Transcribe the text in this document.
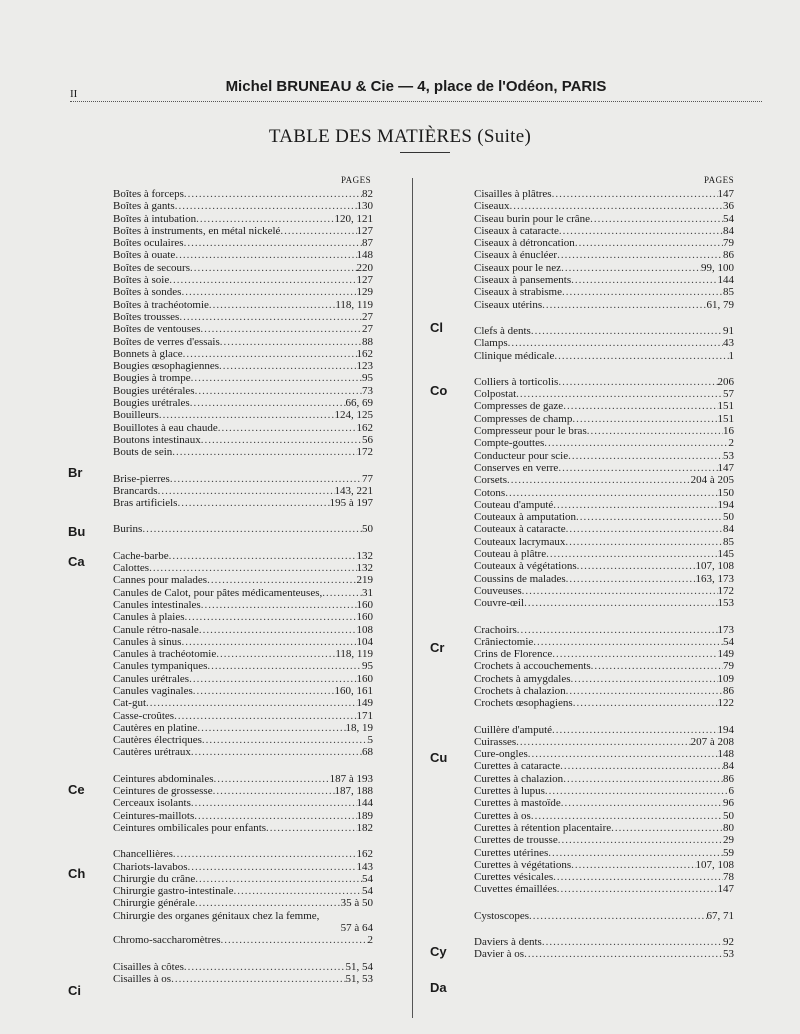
II	Michel BRUNEAU & Cie — 4, place de l'Odéon, PARIS
TABLE DES MATIÈRES (Suite)
PAGES	PAGES
Br
Bu
Ca
Ce
Ch
Ci
Cl
Co
Cr
Cu
Cy
Da
Boîtes à forceps .....	82
Boîtes à gants .....	130
Boîtes à intubation .....	120, 121
Boîtes à instruments, en métal nickelé .....	127
Boîtes oculaires .....	87
Boîtes à ouate .....	148
Boîtes de secours .....	220
Boîtes à soie .....	127
Boîtes à sondes .....	129
Boîtes à trachéotomie .....	118, 119
Boîtes trousses .....	27
Boîtes de ventouses .....	27
Boîtes de verres d'essais .....	88
Bonnets à glace .....	162
Bougies œsophagiennes .....	123
Bougies à trompe .....	95
Bougies urétérales .....	73
Bougies urétrales .....	66, 69
Bouilleurs .....	124, 125
Bouillotes à eau chaude .....	162
Boutons intestinaux .....	56
Bouts de sein .....	172
Brise-pierres .....	77
Brancards .....	143, 221
Bras artificiels .....	195 à 197
Burins .....	50
Cache-barbe .....	132
Calottes .....	132
Cannes pour malades .....	219
Canules de Calot, pour pâtes médicamenteuses, .....	31
Canules intestinales .....	160
Canules à plaies .....	160
Canule rétro-nasale .....	108
Canules à sinus .....	104
Canules à trachéotomie .....	118, 119
Canules tympaniques .....	95
Canules urétrales .....	160
Canules vaginales .....	160, 161
Cat-gut .....	149
Casse-croûtes .....	171
Cautères en platine .....	18, 19
Cautères électriques .....	5
Cautères urétraux .....	68
Ceintures abdominales .....	187 à 193
Ceintures de grossesse .....	187, 188
Cerceaux isolants .....	144
Ceintures-maillots .....	189
Ceintures ombilicales pour enfants .....	182
Chancellières .....	162
Chariots-lavabos .....	143
Chirurgie du crâne .....	54
Chirurgie gastro-intestinale .....	54
Chirurgie générale .....	35 à 50
Chirurgie des organes génitaux chez la femme,
57 à 64
Chromo-saccharomètres .....	2
Cisailles à côtes .....	51, 54
Cisailles à os .....	51, 53
Cisailles à plâtres .....	147
Ciseaux .....	36
Ciseau burin pour le crâne .....	54
Ciseaux à cataracte .....	84
Ciseaux à détroncation .....	79
Ciseaux à énucléer .....	86
Ciseaux pour le nez .....	99, 100
Ciseaux à pansements .....	144
Ciseaux à strabisme .....	85
Ciseaux utérins .....	61, 79
Clefs à dents .....	91
Clamps .....	43
Clinique médicale .....	1
Colliers à torticolis .....	206
Colpostat .....	57
Compresses de gaze .....	151
Compresses de champ .....	151
Compresseur pour le bras .....	16
Compte-gouttes .....	2
Conducteur pour scie .....	53
Conserves en verre .....	147
Corsets .....	204 à 205
Cotons .....	150
Couteau d'amputé .....	194
Couteaux à amputation .....	50
Couteaux à cataracte .....	84
Couteaux lacrymaux .....	85
Couteau à plâtre .....	145
Couteaux à végétations .....	107, 108
Coussins de malades .....	163, 173
Couveuses .....	172
Couvre-œil .....	153
Crachoirs .....	173
Crâniectomie .....	54
Crins de Florence .....	149
Crochets à accouchements .....	79
Crochets à amygdales .....	109
Crochets à chalazion .....	86
Crochets œsophagiens .....	122
Cuillère d'amputé .....	194
Cuirasses .....	207 à 208
Cure-ongles .....	148
Curettes à cataracte .....	84
Curettes à chalazion .....	86
Curettes à lupus .....	6
Curettes à mastoïde .....	96
Curettes à os .....	50
Curettes à rétention placentaire .....	80
Curettes de trousse .....	29
Curettes utérines .....	59
Curettes à végétations .....	107, 108
Curettes vésicales .....	78
Cuvettes émaillées .....	147
Cystoscopes .....	67, 71
Daviers à dents .....	92
Davier à os .....	53
